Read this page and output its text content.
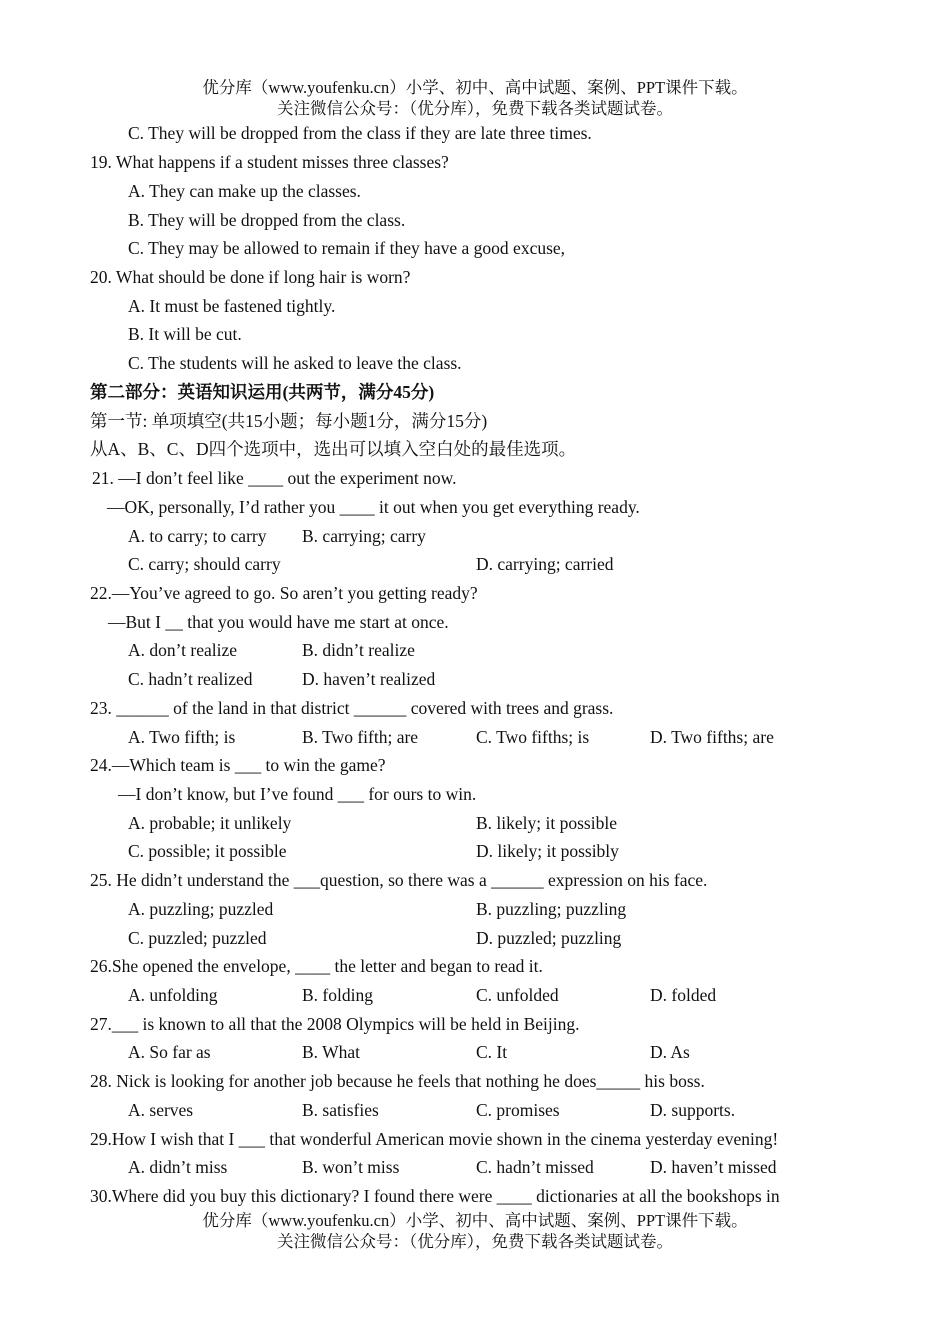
优分库（www.youfenku.cn）小学、初中、高中试题、案例、PPT课件下载。
关注微信公众号：（优分库），免费下载各类试题试卷。
C. They will be dropped from the class if they are late three times.
19. What happens if a student misses three classes?
A. They can make up the classes.
B. They will be dropped from the class.
C. They may be allowed to remain if they have a good excuse,
20. What should be done if long hair is worn?
A. It must be fastened tightly.
B. It will be cut.
C. The students will he asked to leave the class.
第二部分：英语知识运用(共两节，满分45分)
第一节: 单项填空(共15小题；每小题1分，满分15分)
从A、B、C、D四个选项中，选出可以填入空白处的最佳选项。
21. —I don’t feel like ____ out the experiment now.
—OK, personally, I’d rather you ____ it out when you get everything ready.
A. to carry; to carry B. carrying; carry
C. carry; should carry	D. carrying; carried
22.—You’ve agreed to go. So aren’t you getting ready?
—But I __ that you would have me start at once.
A. don’t realize	B. didn’t realize
C. hadn’t realized	D. haven’t realized
23. ______ of the land in that district ______ covered with trees and grass.
A. Two fifth; is	B. Two fifth; are	C. Two fifths; is	D. Two fifths; are
24.—Which team is ___ to win the game?
—I don’t know, but I’ve found ___ for ours to win.
A. probable; it unlikely	B. likely; it possible
C. possible; it possible	D. likely; it possibly
25. He didn’t understand the ___question, so there was a ______ expression on his face.
A. puzzling; puzzled	B. puzzling; puzzling
C. puzzled; puzzled	D. puzzled; puzzling
26.She opened the envelope, ____ the letter and began to read it.
A. unfolding	B. folding	C. unfolded	D. folded
27.___ is known to all that the 2008 Olympics will be held in Beijing.
A. So far as	B. What	C. It	D. As
28. Nick is looking for another job because he feels that nothing he does_____ his boss.
A. serves	B. satisfies	C. promises	D. supports.
29.How I wish that I ___ that wonderful American movie shown in the cinema yesterday evening!
A. didn’t miss	B. won’t miss	C. hadn’t missed	D. haven’t missed
30.Where did you buy this dictionary? I found there were ____ dictionaries at all the bookshops in
优分库（www.youfenku.cn）小学、初中、高中试题、案例、PPT课件下载。
关注微信公众号：（优分库），免费下载各类试题试卷。
